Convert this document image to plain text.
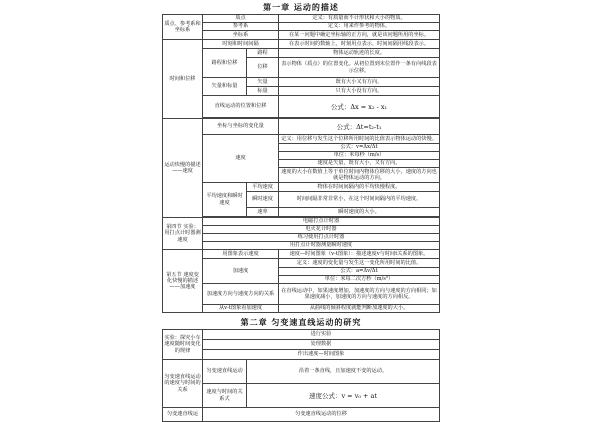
第一章 运动的描述
质点、参考系和坐标系	质点		定义：有质量而不计形状和大小的物质。
	参考系		定义：用来作参考的物体。
	坐标系		在某一问题中确定坐标轴的正方向，就是该问题所用的坐标。
时间和位移	时刻和时间间隔		在表示时间的数轴上，时刻用点表示，时间间隔用线段表示。
	路程和位移	路程	物体运动轨迹的长度。
		位移	表示物体（质点）的位置变化。从初位置到末位置作一条有向线段表示位移。
	矢量和标量	矢量	既有大小又有方向。
		标量	只有大小没有方向。
	直线运动的位置和位移		公式：Δx = x₂ - x₁

运动快慢的描述——速度	坐标与坐标的变化量		公式：Δt=t₂-t₁
	速度		定义：用位移与发生这个位移所用时间的比值表示物体运动的快慢。
			公式：v=Δx/Δt
			单位：米每秒（m/s）
			速度是矢量，既有大小，又有方向。
			速度的大小在数值上等于单位时间内物体位移的大小，速度的方向也就是物体运动的方向。
	平均速度和瞬时速度	平均速度	物体在时间间隔内的平均快慢程度。
		瞬时速度	时间间隔非常非常小，在这个时间间隔内的平均速度。
		速率	瞬时速度的大小。

第四节 实验：用打点计时器测速度	电磁打点计时器		
	电火花计时器		
	练习使用打点计时器		
	用打点计时器测量瞬时速度		
第五节 速度变化快慢的描述——加速度	用图象表示速度		速度—时间图象（v-t图象）：描述速度v与时间t关系的图象。
	加速度		定义：速度的变化量与发生这一变化所用时间的比值。
			公式：a=Δv/Δt
			单位：米每二次方秒（m/s²）
	加速度方向与速度方向的关系		在直线运动中，如果速度增加，加速度的方向与速度的方向相同；如果速度减小，加速度的方向与速度的方向相反。
	从v-t图象看加速度		从曲线的倾斜程度就能判断加速度的大小。
第二章 匀变速直线运动的研究
实验：探究小车速度随时间变化的规律	进行实验	
	处理数据	
	作出速度—时间图象	
匀变速直线运动的速度与时间的关系	匀变速直线运动	沿着一条直线，且加速度不变的运动。
	速度与时间的关系式	速度公式：v = v₀ + at
匀变速直线运	匀变速直线运动的位移	
